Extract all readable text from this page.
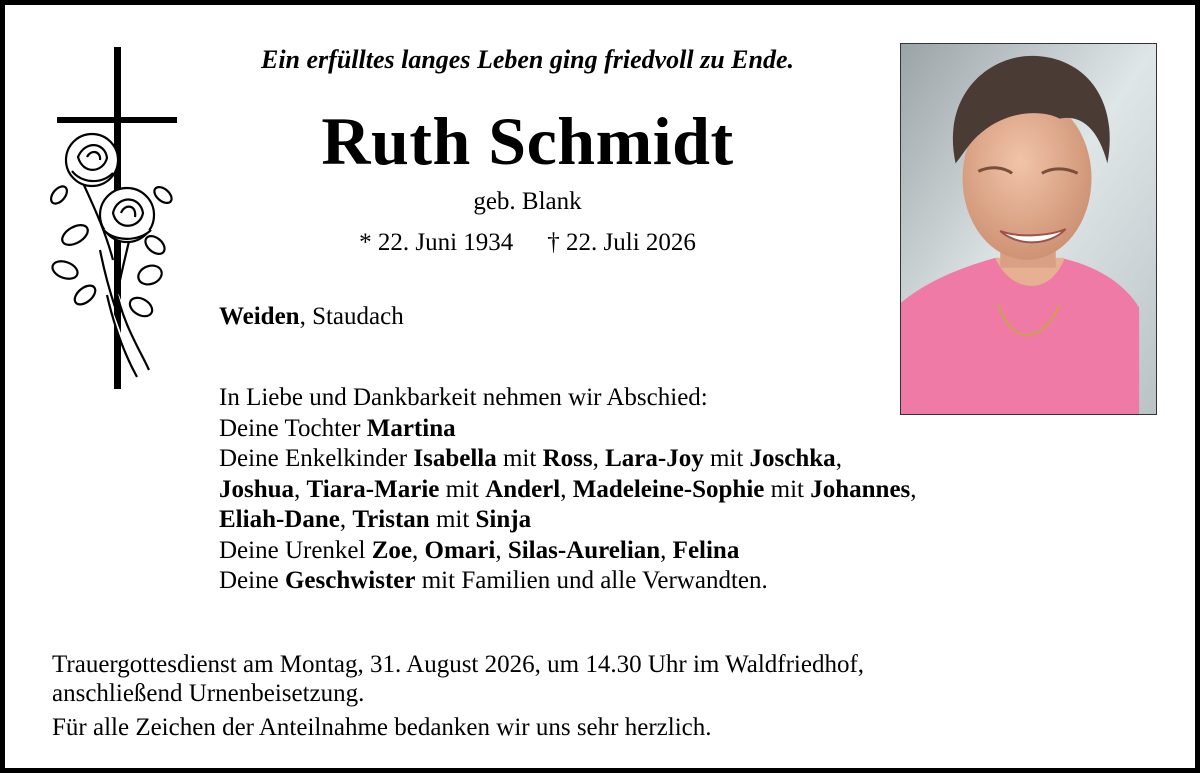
Ein erfülltes langes Leben ging friedvoll zu Ende.
Ruth Schmidt
geb. Blank
* 22. Juni 1934 † 22. Juli 2026
Weiden, Staudach
In Liebe und Dankbarkeit nehmen wir Abschied:
Deine Tochter Martina
Deine Enkelkinder Isabella mit Ross, Lara-Joy mit Joschka,
Joshua, Tiara-Marie mit Anderl, Madeleine-Sophie mit Johannes,
Eliah-Dane, Tristan mit Sinja
Deine Urenkel Zoe, Omari, Silas-Aurelian, Felina
Deine Geschwister mit Familien und alle Verwandten.
Trauergottesdienst am Montag, 31. August 2026, um 14.30 Uhr im Waldfriedhof,
anschließend Urnenbeisetzung.
Für alle Zeichen der Anteilnahme bedanken wir uns sehr herzlich.
